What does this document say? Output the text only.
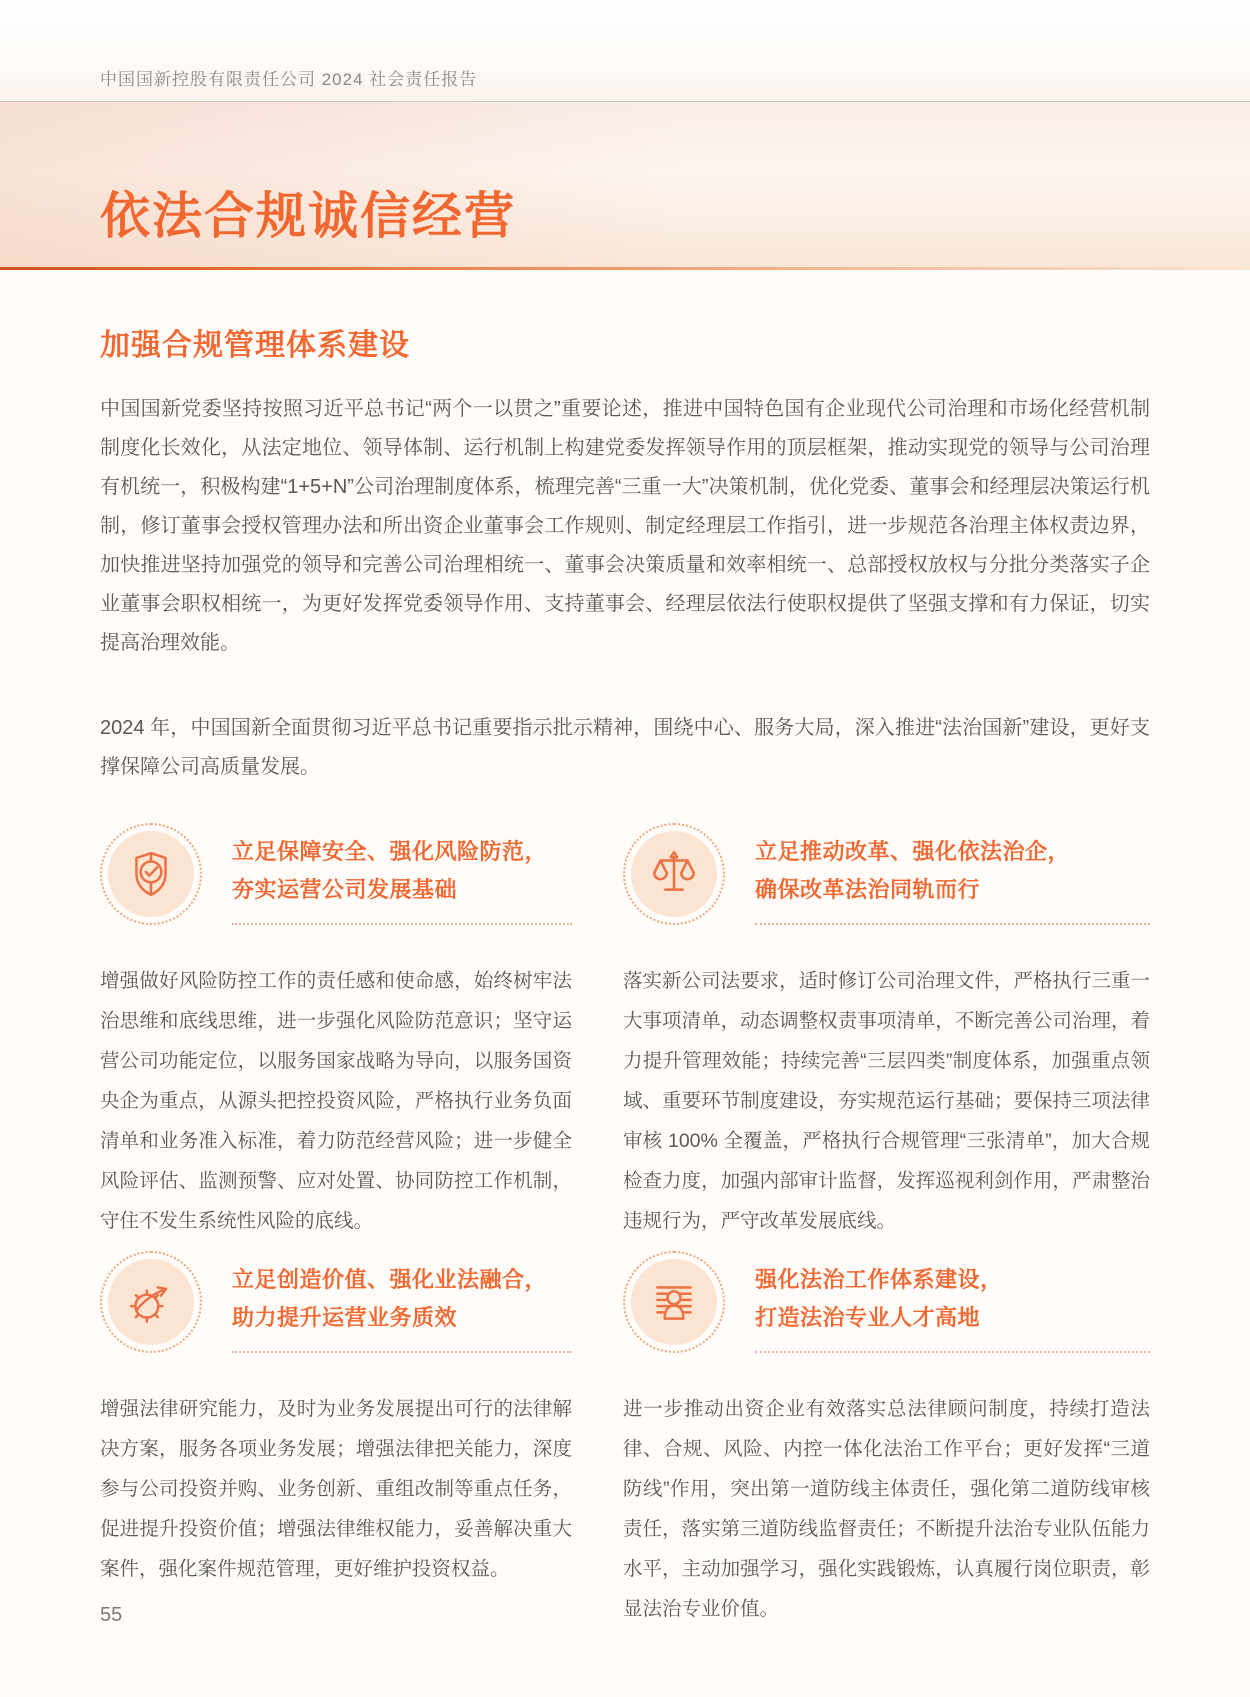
中国国新控股有限责任公司 2024 社会责任报告
依法合规诚信经营
加强合规管理体系建设

中国国新党委坚持按照习近平总书记“两个一以贯之”重要论述，推进中国特色国有企业现代公司治理和市场化经营机制制度化长效化，从法定地位、领导体制、运行机制上构建党委发挥领导作用的顶层框架，推动实现党的领导与公司治理有机统一，积极构建“1+5+N”公司治理制度体系，梳理完善“三重一大”决策机制，优化党委、董事会和经理层决策运行机制，修订董事会授权管理办法和所出资企业董事会工作规则、制定经理层工作指引，进一步规范各治理主体权责边界，加快推进坚持加强党的领导和完善公司治理相统一、董事会决策质量和效率相统一、总部授权放权与分批分类落实子企业董事会职权相统一，为更好发挥党委领导作用、支持董事会、经理层依法行使职权提供了坚强支撑和有力保证，切实提高治理效能。

2024 年，中国国新全面贯彻习近平总书记重要指示批示精神，围绕中心、服务大局，深入推进“法治国新”建设，更好支撑保障公司高质量发展。

立足保障安全、强化风险防范，
夯实运营公司发展基础

增强做好风险防控工作的责任感和使命感，始终树牢法治思维和底线思维，进一步强化风险防范意识；坚守运营公司功能定位，以服务国家战略为导向，以服务国资央企为重点，从源头把控投资风险，严格执行业务负面清单和业务准入标准，着力防范经营风险；进一步健全风险评估、监测预警、应对处置、协同防控工作机制，守住不发生系统性风险的底线。

立足推动改革、强化依法治企，
确保改革法治同轨而行

落实新公司法要求，适时修订公司治理文件，严格执行三重一大事项清单，动态调整权责事项清单，不断完善公司治理，着力提升管理效能；持续完善“三层四类”制度体系，加强重点领域、重要环节制度建设，夯实规范运行基础；要保持三项法律审核 100% 全覆盖，严格执行合规管理“三张清单”，加大合规检查力度，加强内部审计监督，发挥巡视利剑作用，严肃整治违规行为，严守改革发展底线。

立足创造价值、强化业法融合，
助力提升运营业务质效

增强法律研究能力，及时为业务发展提出可行的法律解决方案，服务各项业务发展；增强法律把关能力，深度参与公司投资并购、业务创新、重组改制等重点任务，促进提升投资价值；增强法律维权能力，妥善解决重大案件，强化案件规范管理，更好维护投资权益。

强化法治工作体系建设，
打造法治专业人才高地

进一步推动出资企业有效落实总法律顾问制度，持续打造法律、合规、风险、内控一体化法治工作平台；更好发挥“三道防线”作用，突出第一道防线主体责任，强化第二道防线审核责任，落实第三道防线监督责任；不断提升法治专业队伍能力水平，主动加强学习，强化实践锻炼，认真履行岗位职责，彰显法治专业价值。

55
